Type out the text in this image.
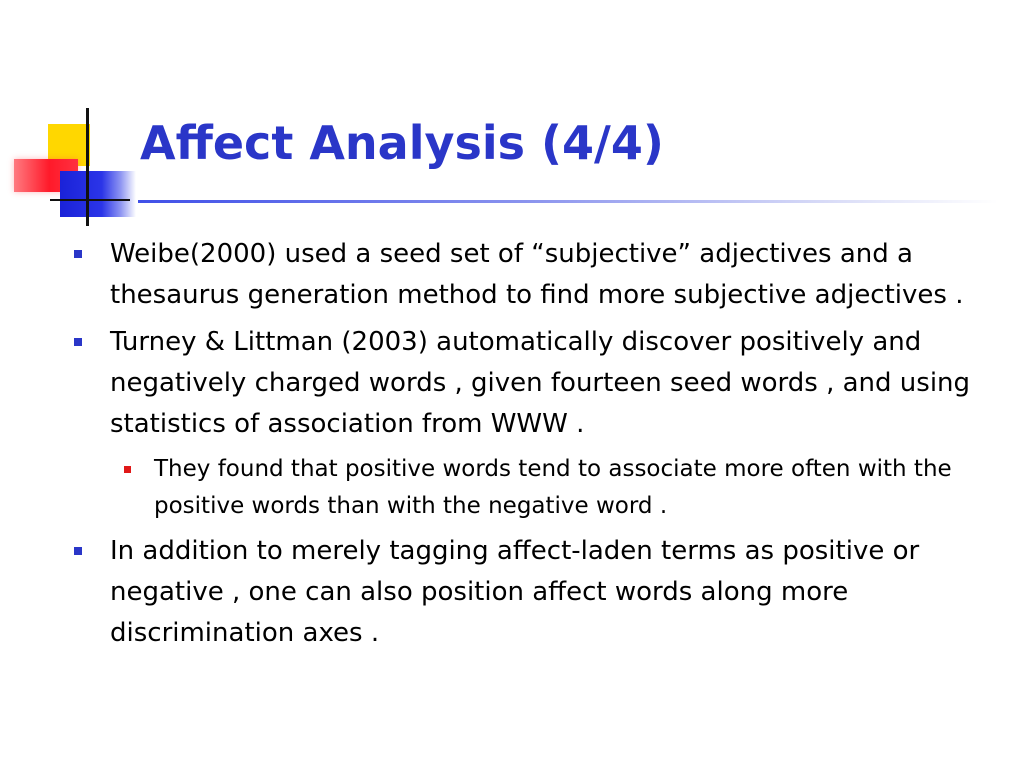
Affect Analysis (4/4)
Weibe(2000) used a seed set of “subjective” adjectives and a thesaurus generation method to find more subjective adjectives .
Turney & Littman (2003) automatically discover positively and negatively charged words , given fourteen seed words , and using statistics of association from WWW .
They found that positive words tend to associate more often with the positive words than with the negative word .
In addition to merely tagging affect-laden terms as positive or negative , one can also position affect words along more discrimination axes .
